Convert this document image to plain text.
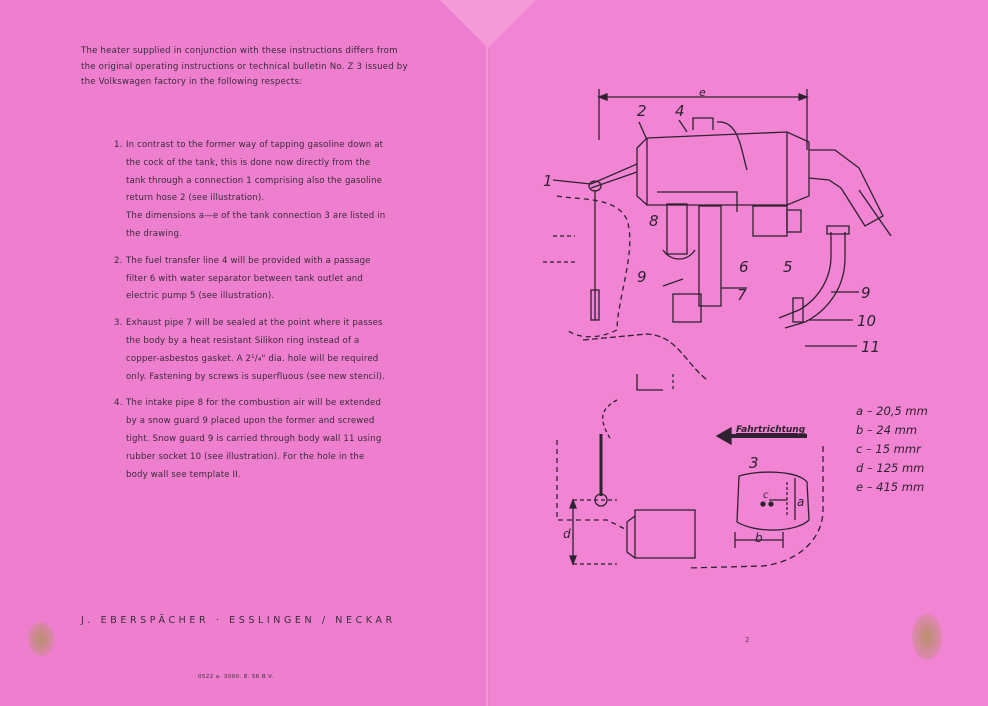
The heater supplied in conjunction with these instructions differs from the original operating instructions or technical bulletin No. Z 3 issued by the Volkswagen factory in the following respects:
1. In contrast to the former way of tapping gasoline down at the cock of the tank, this is done now directly from the tank through a connection 1 comprising also the gasoline return hose 2 (see illustration).
The dimensions a—e of the tank connection 3 are listed in the drawing.
2. The fuel transfer line 4 will be provided with a passage filter 6 with water separator between tank outlet and electric pump 5 (see illustration).
3. Exhaust pipe 7 will be sealed at the point where it passes the body by a heat resistant Silikon ring instead of a copper-asbestos gasket. A 2¹/₄" dia. hole will be required only. Fastening by screws is superfluous (see new stencil).
4. The intake pipe 8 for the combustion air will be extended by a snow guard 9 placed upon the former and screwed tight. Snow guard 9 is carried through body wall 11 using rubber socket 10 (see illustration). For the hole in the body wall see template II.
J. EBERSPÄCHER · ESSLINGEN / NECKAR
0522 a. 3000. 8. 56 B.V.
1
2 4
e
8
6 5
9
7	9
10
11
3
c a
b
d
Fahrtrichtung
a – 20,5 mm
b – 24 mm
c – 15 mmr
d – 125 mm
e – 415 mm
2
